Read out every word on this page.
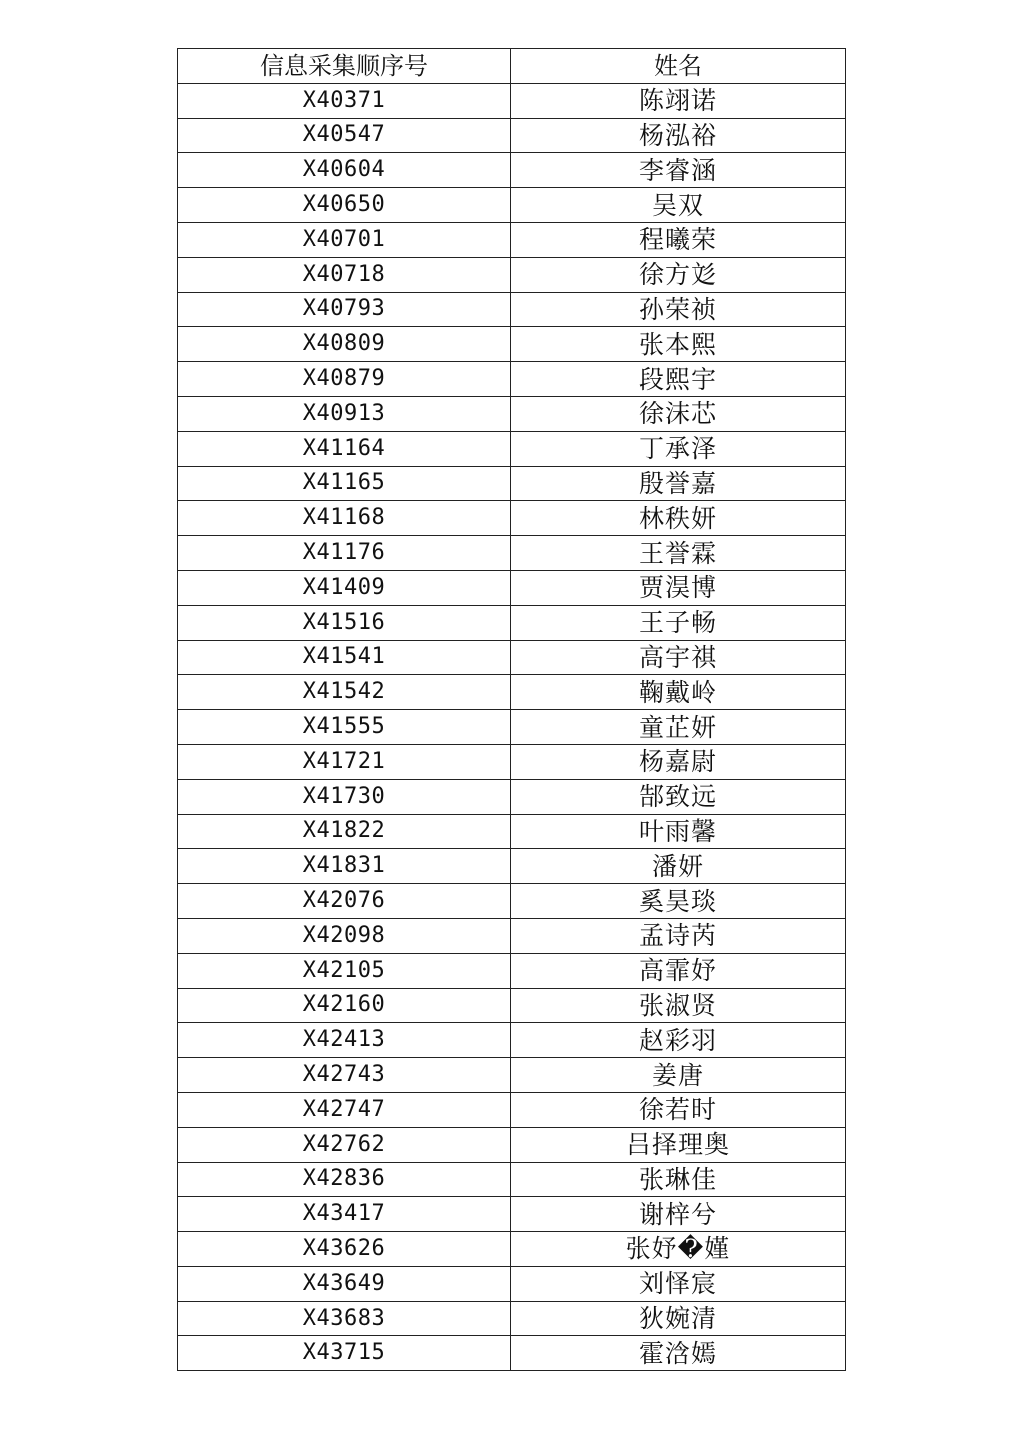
信息采集顺序号	姓名
X40371	陈翊诺
X40547	杨泓裕
X40604	李睿涵
X40650	吴双
X40701	程曦荣
X40718	徐方彣
X40793	孙荣祯
X40809	张本熙
X40879	段熙宇
X40913	徐沫芯
X41164	丁承泽
X41165	殷誉嘉
X41168	林秩妍
X41176	王誉霖
X41409	贾淏博
X41516	王子畅
X41541	高宇祺
X41542	鞠戴岭
X41555	童芷妍
X41721	杨嘉尉
X41730	郜致远
X41822	叶雨馨
X41831	潘妍
X42076	奚昊琰
X42098	孟诗芮
X42105	高霏妤
X42160	张淑贤
X42413	赵彩羽
X42743	姜唐
X42747	徐若时
X42762	吕择理奥
X42836	张琳佳
X43417	谢梓兮
X43626	张妤�嫤
X43649	刘怿宸
X43683	狄婉清
X43715	霍浛嫣
